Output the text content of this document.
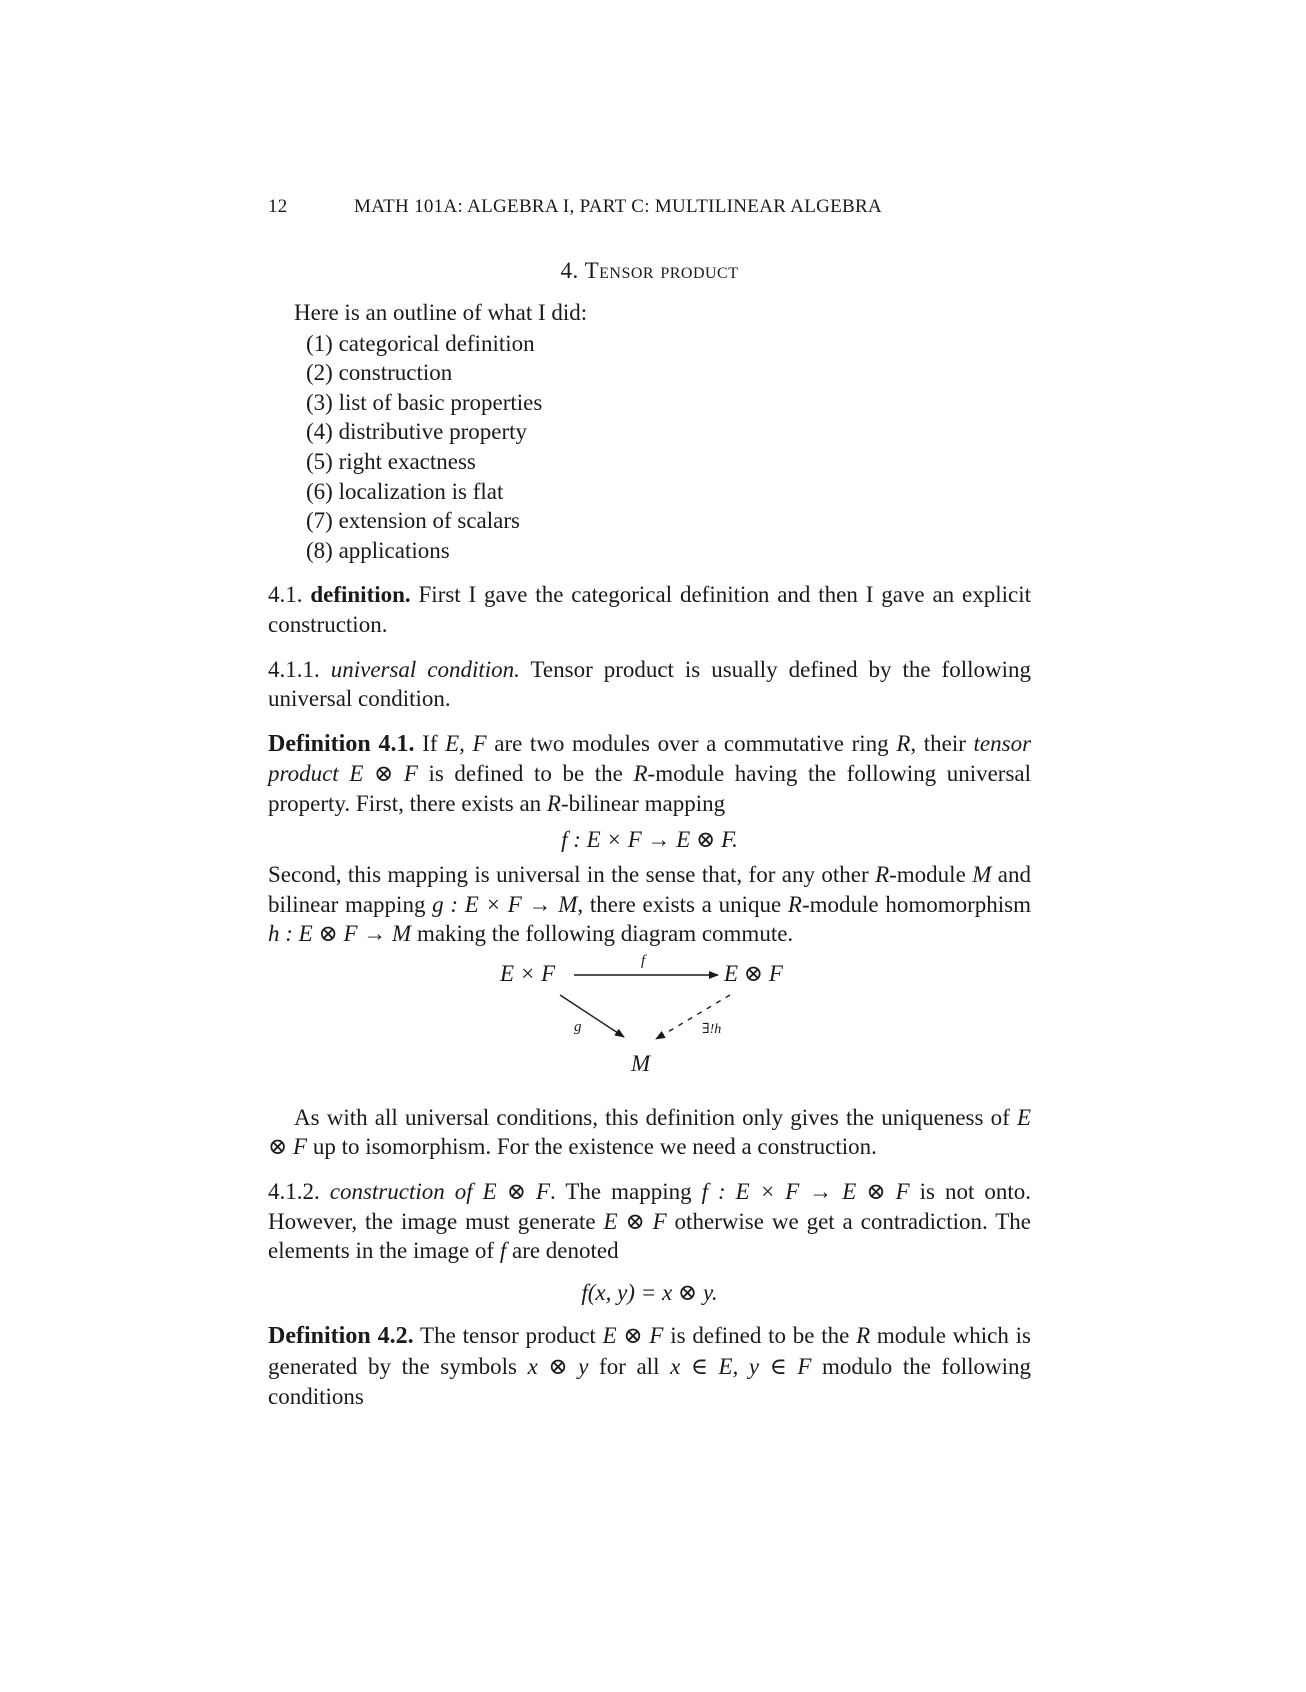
12	MATH 101A: ALGEBRA I, PART C: MULTILINEAR ALGEBRA
4. Tensor product

Here is an outline of what I did:

(1) categorical definition
(2) construction
(3) list of basic properties
(4) distributive property
(5) right exactness
(6) localization is flat
(7) extension of scalars
(8) applications

4.1. definition. First I gave the categorical definition and then I gave an explicit construction.

4.1.1. universal condition. Tensor product is usually defined by the following universal condition.

Definition 4.1. If E, F are two modules over a commutative ring R, their tensor product E ⊗ F is defined to be the R-module having the following universal property. First, there exists an R-bilinear mapping

f : E × F → E ⊗ F.

Second, this mapping is universal in the sense that, for any other R-module M and bilinear mapping g : E × F → M, there exists a unique R-module homomorphism h : E ⊗ F → M making the following diagram commute.

E × F	E ⊗ F
M
f
g	∃!h

As with all universal conditions, this definition only gives the uniqueness of E ⊗ F up to isomorphism. For the existence we need a construction.

4.1.2. construction of E ⊗ F. The mapping f : E × F → E ⊗ F is not onto. However, the image must generate E ⊗ F otherwise we get a contradiction. The elements in the image of f are denoted

f(x, y) = x ⊗ y.

Definition 4.2. The tensor product E ⊗ F is defined to be the R module which is generated by the symbols x ⊗ y for all x ∈ E, y ∈ F modulo the following conditions
